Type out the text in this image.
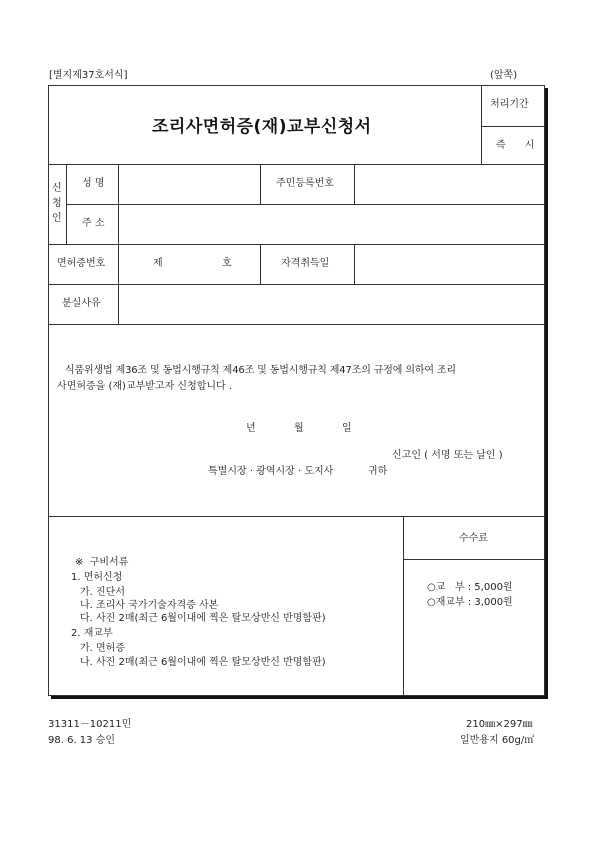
[별지제37호서식]	(앞쪽)
조리사면허증(재)교부신청서
처리기간
즉      시
신
청
인
성 명	주민등록번호
주 소
면허증번호	제	호	자격취득일
분실사유
식품위생법 제36조 및 동법시행규칙 제46조 및 동법시행규칙 제47조의 규정에 의하여 조리
사면허증을 (재)교부받고자 신청합니다 .
년	월	일
신고인 ( 서명 또는 날인 )
특별시장 · 광역시장 · 도지사	귀하
※  구비서류
1. 면허신청
가. 진단서
나. 조리사 국가기술자격증 사본
다. 사진 2매(최근 6월이내에 찍은 탈모상반신 반명함판)
2. 재교부
가. 면허증
나. 사진 2매(최근 6월이내에 찍은 탈모상반신 반명함판)
수수료
○교   부 : 5,000원
○재교부 : 3,000원
31311－10211민
98. 6. 13 승인
210㎜×297㎜
일반용지 60g/㎡
